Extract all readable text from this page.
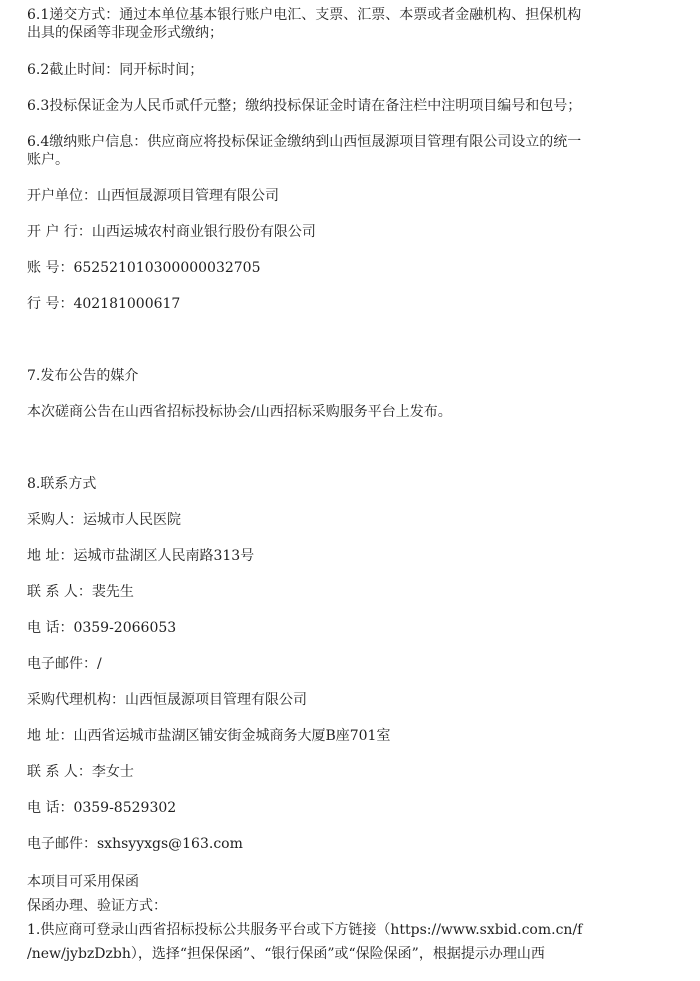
6.1递交方式：通过本单位基本银行账户电汇、支票、汇票、本票或者金融机构、担保机构
出具的保函等非现金形式缴纳；
6.2截止时间：同开标时间；
6.3投标保证金为人民币贰仟元整；缴纳投标保证金时请在备注栏中注明项目编号和包号；
6.4缴纳账户信息：供应商应将投标保证金缴纳到山西恒晟源项目管理有限公司设立的统一
账户。
开户单位：山西恒晟源项目管理有限公司
开 户 行：山西运城农村商业银行股份有限公司
账 号：652521010300000032705
行 号：402181000617
7.发布公告的媒介
本次磋商公告在山西省招标投标协会/山西招标采购服务平台上发布。
8.联系方式
采购人：运城市人民医院
地 址：运城市盐湖区人民南路313号
联 系 人：裴先生
电 话：0359-2066053
电子邮件：/
采购代理机构：山西恒晟源项目管理有限公司
地 址：山西省运城市盐湖区铺安街金城商务大厦B座701室
联 系 人：李女士
电 话：0359-8529302
电子邮件：sxhsyyxgs@163.com
本项目可采用保函
保函办理、验证方式：
1.供应商可登录山西省招标投标公共服务平台或下方链接（https://www.sxbid.com.cn/f
/new/jybzDzbh），选择“担保保函”、“银行保函”或“保险保函”，根据提示办理山西
